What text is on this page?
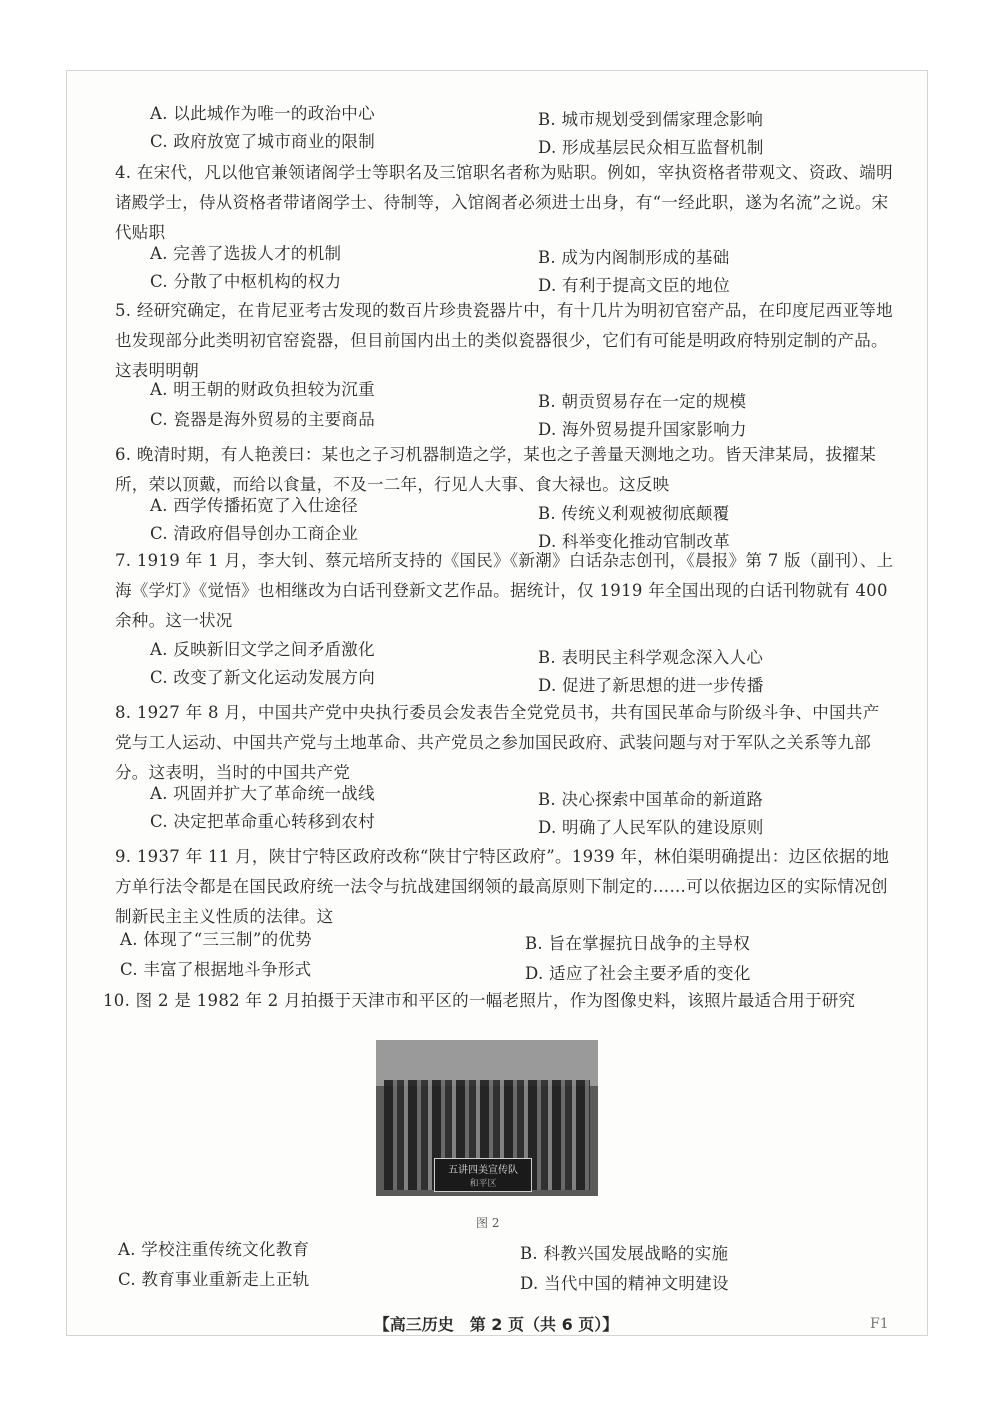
A. 以此城作为唯一的政治中心	B. 城市规划受到儒家理念影响
C. 政府放宽了城市商业的限制	D. 形成基层民众相互监督机制
4. 在宋代，凡以他官兼领诸阁学士等职名及三馆职名者称为贴职。例如，宰执资格者带观文、资政、端明诸殿学士，侍从资格者带诸阁学士、待制等，入馆阁者必须进士出身，有“一经此职，遂为名流”之说。宋代贴职
A. 完善了选拔人才的机制	B. 成为内阁制形成的基础
C. 分散了中枢机构的权力	D. 有利于提高文臣的地位
5. 经研究确定，在肯尼亚考古发现的数百片珍贵瓷器片中，有十几片为明初官窑产品，在印度尼西亚等地也发现部分此类明初官窑瓷器，但目前国内出土的类似瓷器很少，它们有可能是明政府特别定制的产品。这表明明朝
A. 明王朝的财政负担较为沉重
B. 朝贡贸易存在一定的规模
C. 瓷器是海外贸易的主要商品
D. 海外贸易提升国家影响力
6. 晚清时期，有人艳羡曰：某也之子习机器制造之学，某也之子善量天测地之功。皆天津某局，拔擢某所，荣以顶戴，而给以食量，不及一二年，行见人大事、食大禄也。这反映
A. 西学传播拓宽了入仕途径	B. 传统义利观被彻底颠覆
C. 清政府倡导创办工商企业	D. 科举变化推动官制改革
7. 1919 年 1 月，李大钊、蔡元培所支持的《国民》《新潮》白话杂志创刊，《晨报》第 7 版（副刊）、上海《学灯》《觉悟》也相继改为白话刊登新文艺作品。据统计，仅 1919 年全国出现的白话刊物就有 400 余种。这一状况
A. 反映新旧文学之间矛盾激化	B. 表明民主科学观念深入人心
C. 改变了新文化运动发展方向	D. 促进了新思想的进一步传播
8. 1927 年 8 月，中国共产党中央执行委员会发表告全党党员书，共有国民革命与阶级斗争、中国共产党与工人运动、中国共产党与土地革命、共产党员之参加国民政府、武装问题与对于军队之关系等九部分。这表明，当时的中国共产党
A. 巩固并扩大了革命统一战线	B. 决心探索中国革命的新道路
C. 决定把革命重心转移到农村	D. 明确了人民军队的建设原则
9. 1937 年 11 月，陕甘宁特区政府改称“陕甘宁特区政府”。1939 年，林伯渠明确提出：边区依据的地方单行法令都是在国民政府统一法令与抗战建国纲领的最高原则下制定的……可以依据边区的实际情况创制新民主主义性质的法律。这
A. 体现了“三三制”的优势	B. 旨在掌握抗日战争的主导权
C. 丰富了根据地斗争形式	D. 适应了社会主要矛盾的变化
10. 图 2 是 1982 年 2 月拍摄于天津市和平区的一幅老照片，作为图像史料，该照片最适合用于研究
五讲四美宣传队
和平区
图 2
A. 学校注重传统文化教育	B. 科教兴国发展战略的实施
C. 教育事业重新走上正轨	D. 当代中国的精神文明建设
【高三历史　第 2 页（共 6 页）】	F1
